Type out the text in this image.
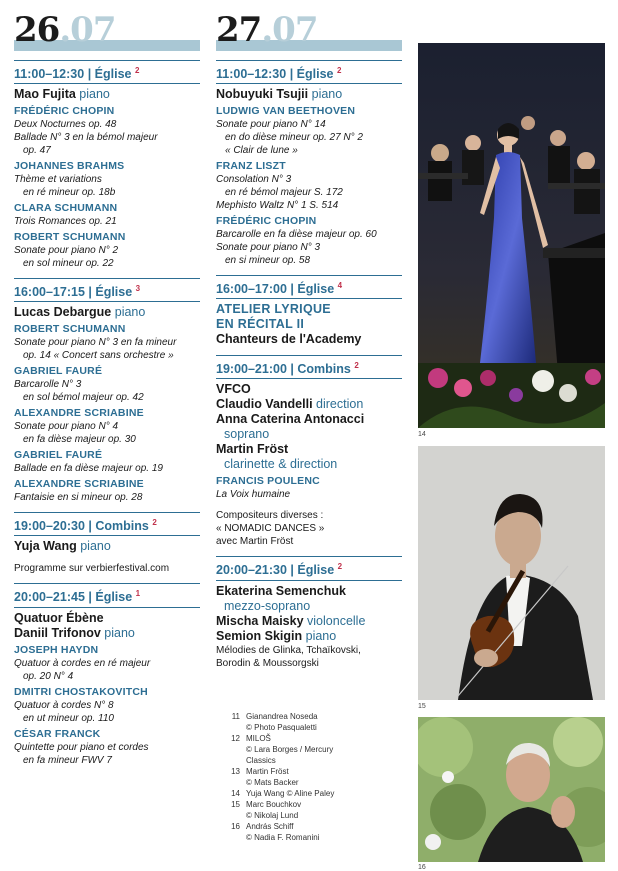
26.07
11:00–12:30 | Église $^2$
Mao Fujita piano
FRÉDÉRIC CHOPIN
Deux Nocturnes op. 48
Ballade N° 3 en la bémol majeur
op. 47
JOHANNES BRAHMS
Thème et variations
en ré mineur op. 18b
CLARA SCHUMANN
Trois Romances op. 21
ROBERT SCHUMANN
Sonate pour piano N° 2
en sol mineur op. 22
16:00–17:15 | Église $^3$
Lucas Debargue piano
ROBERT SCHUMANN
Sonate pour piano N° 3 en fa mineur
op. 14 « Concert sans orchestre »
GABRIEL FAURÉ
Barcarolle N° 3
en sol bémol majeur op. 42
ALEXANDRE SCRIABINE
Sonate pour piano N° 4
en fa dièse majeur op. 30
GABRIEL FAURÉ
Ballade en fa dièse majeur op. 19
ALEXANDRE SCRIABINE
Fantaisie en si mineur op. 28
19:00–20:30 | Combins $^2$
Yuja Wang piano
Programme sur verbierfestival.com
20:00–21:45 | Église $^1$
Quatuor Ébène
Daniil Trifonov piano
JOSEPH HAYDN
Quatuor à cordes en ré majeur
op. 20 N° 4
DMITRI CHOSTAKOVITCH
Quatuor à cordes N° 8
en ut mineur op. 110
CÉSAR FRANCK
Quintette pour piano et cordes
en fa mineur FWV 7
27.07
11:00–12:30 | Église $^2$
Nobuyuki Tsujii piano
LUDWIG VAN BEETHOVEN
Sonate pour piano N° 14
en do dièse mineur op. 27 N° 2
« Clair de lune »
FRANZ LISZT
Consolation N° 3
en ré bémol majeur S. 172
Mephisto Waltz N° 1 S. 514
FRÉDÉRIC CHOPIN
Barcarolle en fa dièse majeur op. 60
Sonate pour piano N° 3
en si mineur op. 58
16:00–17:00 | Église $^4$
ATELIER LYRIQUE
EN RÉCITAL II
Chanteurs de l'Academy
19:00–21:00 | Combins $^2$
VFCO
Claudio Vandelli direction
Anna Caterina Antonacci
soprano
Martin Fröst
clarinette & direction
FRANCIS POULENC
La Voix humaine
Compositeurs diverses :
« NOMADIC DANCES »
avec Martin Fröst
20:00–21:30 | Église $^2$
Ekaterina Semenchuk
mezzo-soprano
Mischa Maisky violoncelle
Semion Skigin piano
Mélodies de Glinka, Tchaïkovski,
Borodin & Moussorgski
11 Gianandrea Noseda
© Photo Pasqualetti
12 MILOŠ
© Lara Borges / Mercury
Classics
13 Martin Fröst
© Mats Backer
14 Yuja Wang © Aline Paley
15 Marc Bouchkov
© Nikolaj Lund
16 András Schiff
© Nadia F. Romanini
14
15
16
